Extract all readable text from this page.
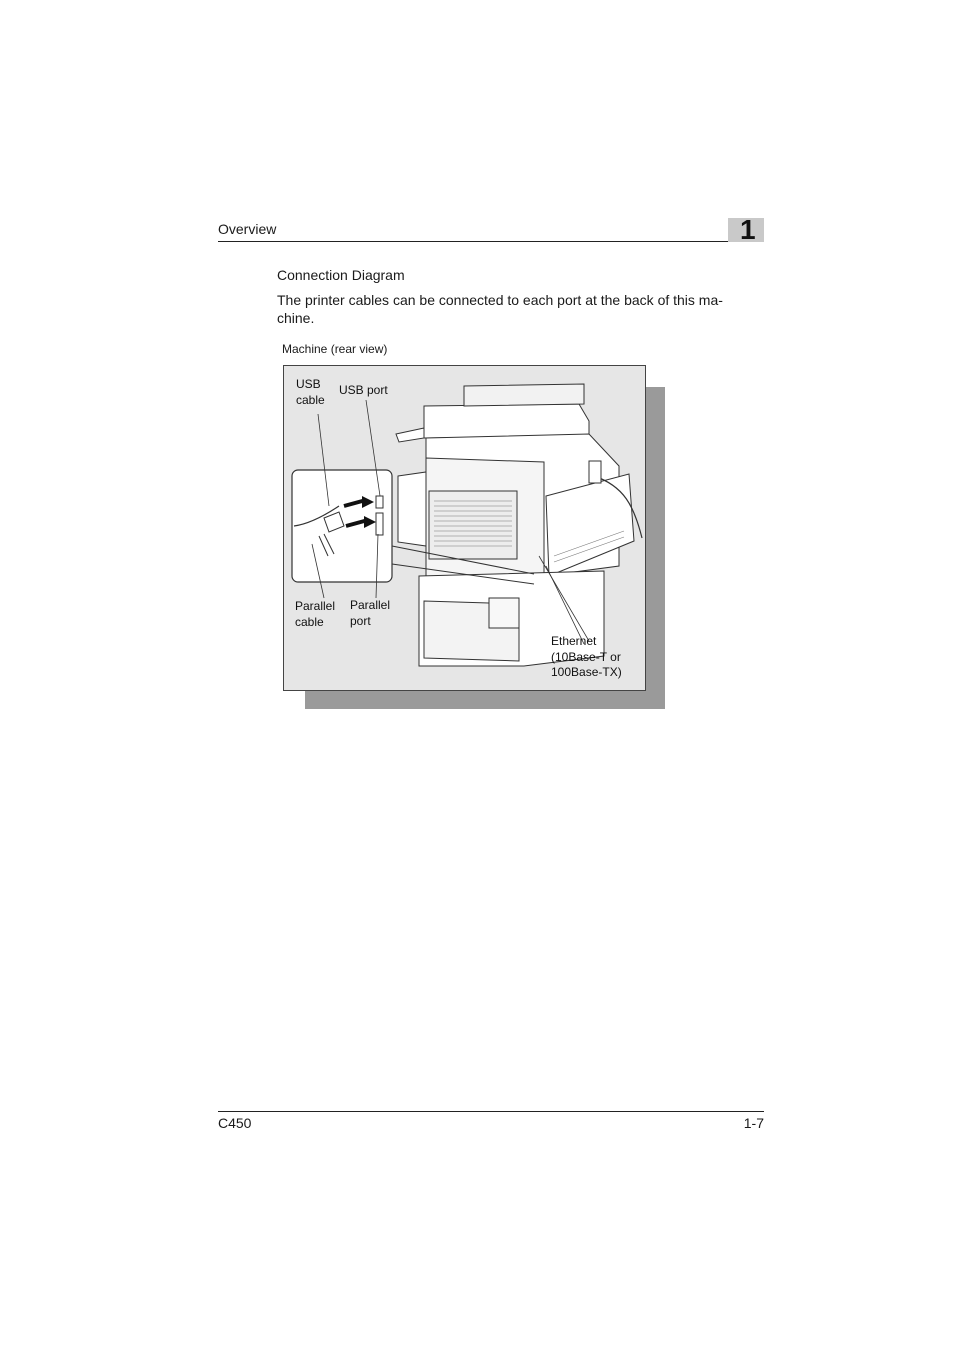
Overview	1
Connection Diagram
The printer cables can be connected to each port at the back of this ma-
chine.
Machine (rear view)
USB
cable
USB port
Parallel
cable
Parallel
port
Ethernet
(10Base-T or
100Base-TX)
C450	1-7
